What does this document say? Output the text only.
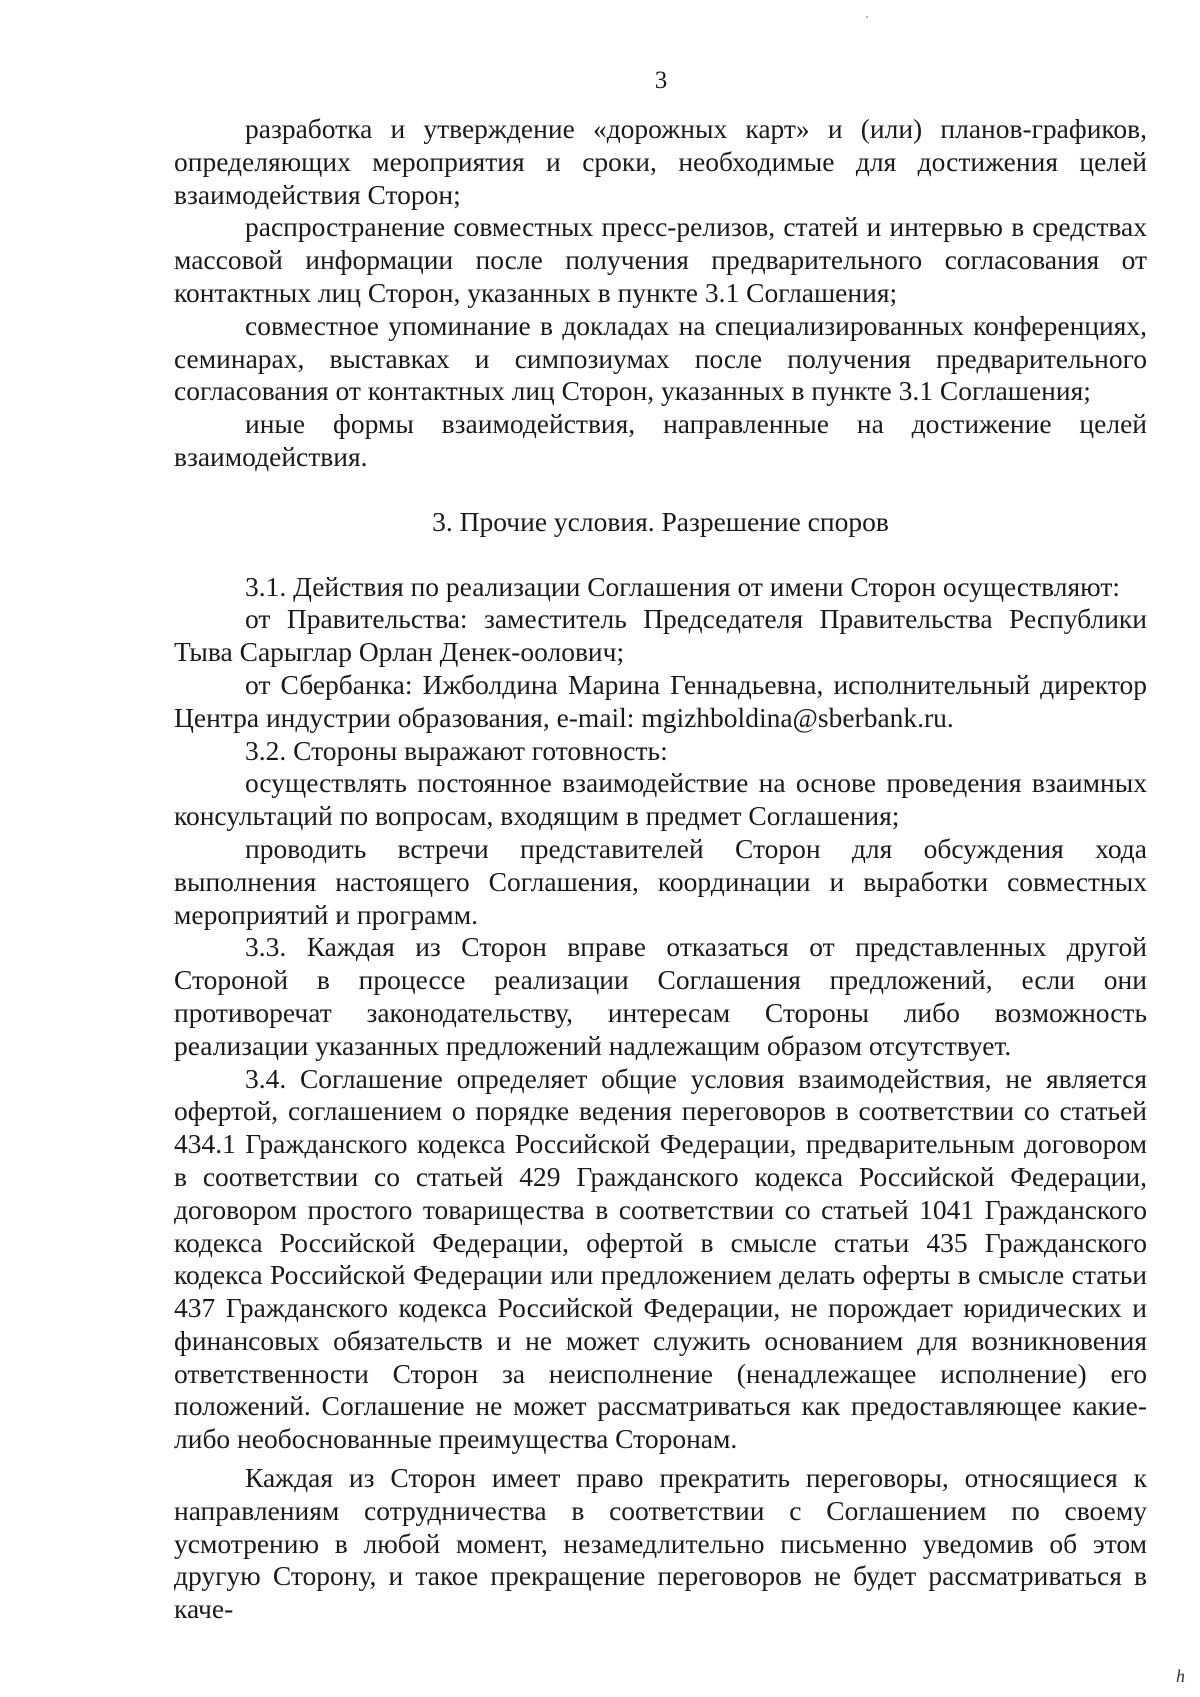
3

разработка и утверждение «дорожных карт» и (или) планов-графиков, определяющих мероприятия и сроки, необходимые для достижения целей взаимодействия Сторон;

распространение совместных пресс-релизов, статей и интервью в средствах массовой информации после получения предварительного согласования от контактных лиц Сторон, указанных в пункте 3.1 Соглашения;

совместное упоминание в докладах на специализированных конференциях, семинарах, выставках и симпозиумах после получения предварительного согласования от контактных лиц Сторон, указанных в пункте 3.1 Соглашения;

иные формы взаимодействия, направленные на достижение целей взаимодействия.

3. Прочие условия. Разрешение споров

3.1. Действия по реализации Соглашения от имени Сторон осуществляют:

от Правительства: заместитель Председателя Правительства Республики Тыва Сарыглар Орлан Денек-оолович;

от Сбербанка: Ижболдина Марина Геннадьевна, исполнительный директор Центра индустрии образования, e-mail: mgizhboldina@sberbank.ru.

3.2. Стороны выражают готовность:

осуществлять постоянное взаимодействие на основе проведения взаимных консультаций по вопросам, входящим в предмет Соглашения;

проводить встречи представителей Сторон для обсуждения хода выполнения настоящего Соглашения, координации и выработки совместных мероприятий и программ.

3.3. Каждая из Сторон вправе отказаться от представленных другой Стороной в процессе реализации Соглашения предложений, если они противоречат законодательству, интересам Стороны либо возможность реализации указанных предложений надлежащим образом отсутствует.

3.4. Соглашение определяет общие условия взаимодействия, не является офертой, соглашением о порядке ведения переговоров в соответствии со статьей 434.1 Гражданского кодекса Российской Федерации, предварительным договором в соответствии со статьей 429 Гражданского кодекса Российской Федерации, договором простого товарищества в соответствии со статьей 1041 Гражданского кодекса Российской Федерации, офертой в смысле статьи 435 Гражданского кодекса Российской Федерации или предложением делать оферты в смысле статьи 437 Гражданского кодекса Российской Федерации, не порождает юридических и финансовых обязательств и не может служить основанием для возникновения ответственности Сторон за неисполнение (ненадлежащее исполнение) его положений. Соглашение не может рассматриваться как предоставляющее какие-либо необоснованные преимущества Сторонам.

Каждая из Сторон имеет право прекратить переговоры, относящиеся к направлениям сотрудничества в соответствии с Соглашением по своему усмотрению в любой момент, незамедлительно письменно уведомив об этом другую Сторону, и такое прекращение переговоров не будет рассматриваться в каче-

h
